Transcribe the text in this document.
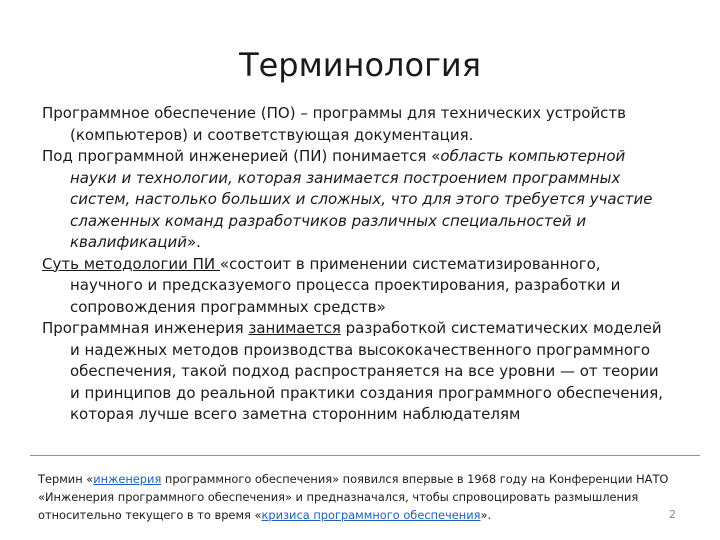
Терминология

Программное обеспечение (ПО) – программы для технических устройств (компьютеров) и соответствующая документация.

Под программной инженерией (ПИ) понимается «область компьютерной науки и технологии, которая занимается построением программных систем, настолько больших и сложных, что для этого требуется участие слаженных команд разработчиков различных специальностей и квалификаций».

Суть методологии ПИ «состоит в применении систематизированного, научного и предсказуемого процесса проектирования, разработки и сопровождения программных средств»

Программная инженерия занимается разработкой систематических моделей и надежных методов производства высококачественного программного обеспечения, такой подход распространяется на все уровни — от теории и принципов до реальной практики создания программного обеспечения, которая лучше всего заметна сторонним наблюдателям

Термин «инженерия программного обеспечения» появился впервые в 1968 году на Конференции НАТО
«Инженерия программного обеспечения» и предназначался, чтобы спровоцировать размышления
относительно текущего в то время «кризиса программного обеспечения».	2
